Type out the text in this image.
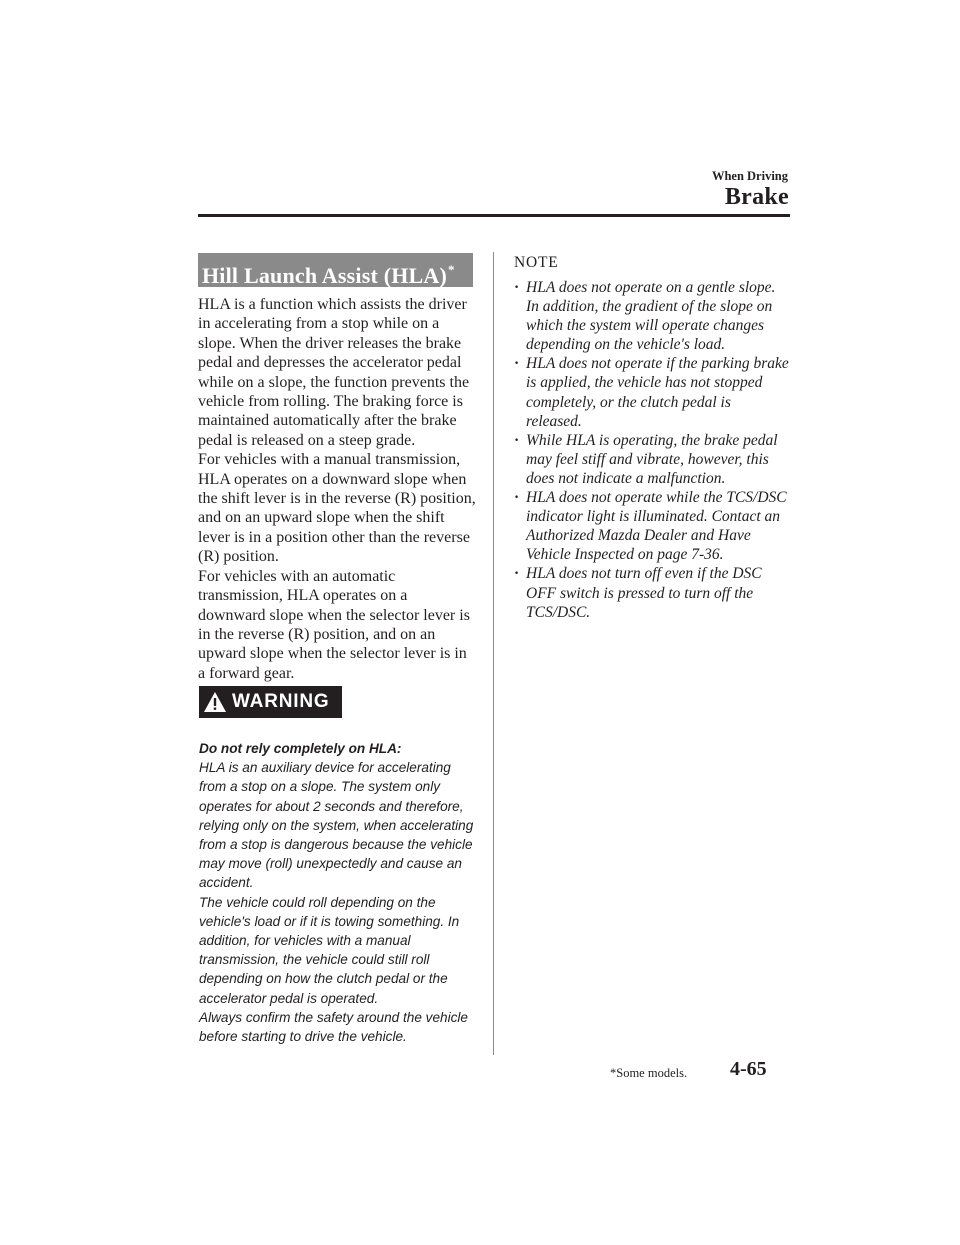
When Driving
Brake
Hill Launch Assist (HLA)*

HLA is a function which assists the driver in accelerating from a stop while on a slope. When the driver releases the brake pedal and depresses the accelerator pedal while on a slope, the function prevents the vehicle from rolling. The braking force is maintained automatically after the brake pedal is released on a steep grade.

For vehicles with a manual transmission, HLA operates on a downward slope when the shift lever is in the reverse (R) position, and on an upward slope when the shift lever is in a position other than the reverse (R) position.

For vehicles with an automatic transmission, HLA operates on a downward slope when the selector lever is in the reverse (R) position, and on an upward slope when the selector lever is in a forward gear.

WARNING

Do not rely completely on HLA:

HLA is an auxiliary device for accelerating from a stop on a slope. The system only operates for about 2 seconds and therefore, relying only on the system, when accelerating from a stop is dangerous because the vehicle may move (roll) unexpectedly and cause an accident.

The vehicle could roll depending on the vehicle's load or if it is towing something. In addition, for vehicles with a manual transmission, the vehicle could still roll depending on how the clutch pedal or the accelerator pedal is operated.

Always confirm the safety around the vehicle before starting to drive the vehicle.

NOTE
· HLA does not operate on a gentle slope. In addition, the gradient of the slope on which the system will operate changes depending on the vehicle's load.
· HLA does not operate if the parking brake is applied, the vehicle has not stopped completely, or the clutch pedal is released.
· While HLA is operating, the brake pedal may feel stiff and vibrate, however, this does not indicate a malfunction.
· HLA does not operate while the TCS/DSC indicator light is illuminated. Contact an Authorized Mazda Dealer and Have Vehicle Inspected on page 7-36.
· HLA does not turn off even if the DSC OFF switch is pressed to turn off the TCS/DSC.
*Some models. 4-65
